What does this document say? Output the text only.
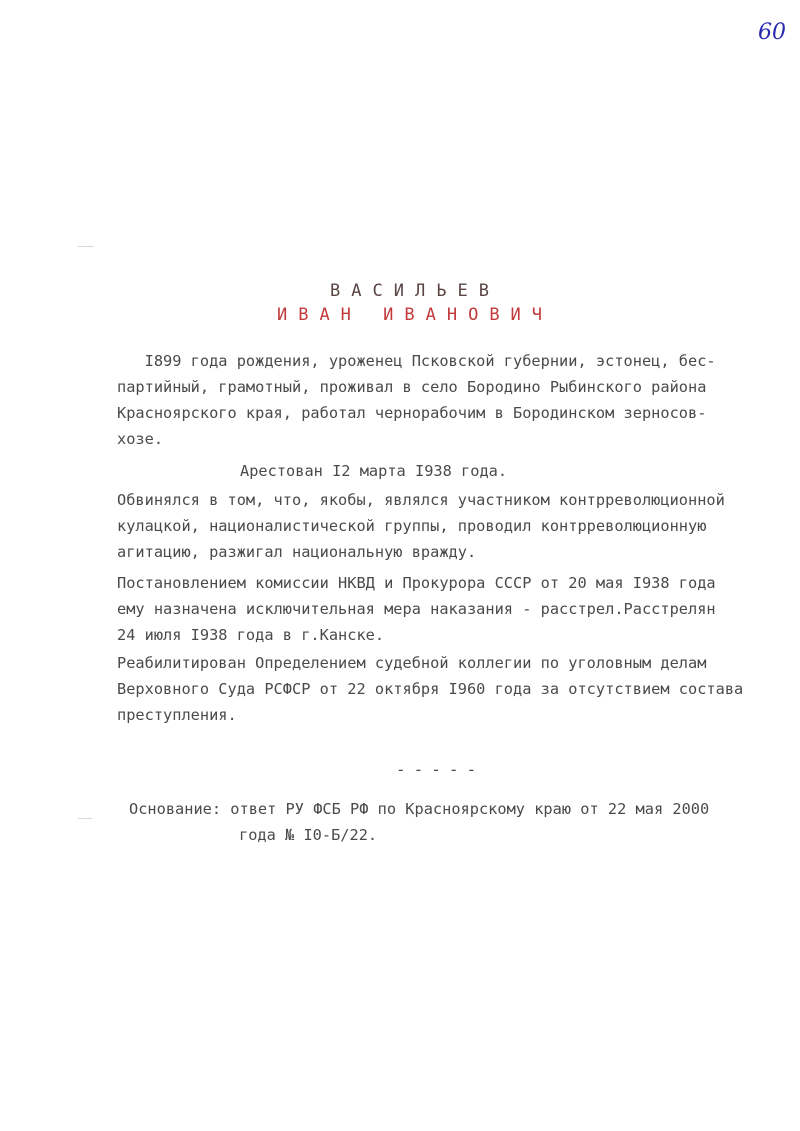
60
ВАСИЛЬЕВ
ИВАН ИВАНОВИЧ

I899 года рождения, уроженец Псковской губернии, эстонец, бес-
партийный, грамотный, проживал в село Бородино Рыбинского района
Красноярского края, работал чернорабочим в Бородинском зерносов-
хозе.

Арестован I2 марта I938 года.

Обвинялся в том, что, якобы, являлся участником контрреволюционной
кулацкой, националистической группы, проводил контрреволюционную
агитацию, разжигал национальную вражду.

Постановлением комиссии НКВД и Прокурора СССР от 20 мая I938 года
ему назначена исключительная мера наказания - расстрел.Расстрелян
24 июля I938 года в г.Канске.

Реабилитирован Определением судебной коллегии по уголовным делам
Верховного Суда РСФСР от 22 октября I960 года за отсутствием состава
преступления.

-----
Основание: ответ РУ ФСБ РФ по Красноярскому краю от 22 мая 2000
года № I0-Б/22.
